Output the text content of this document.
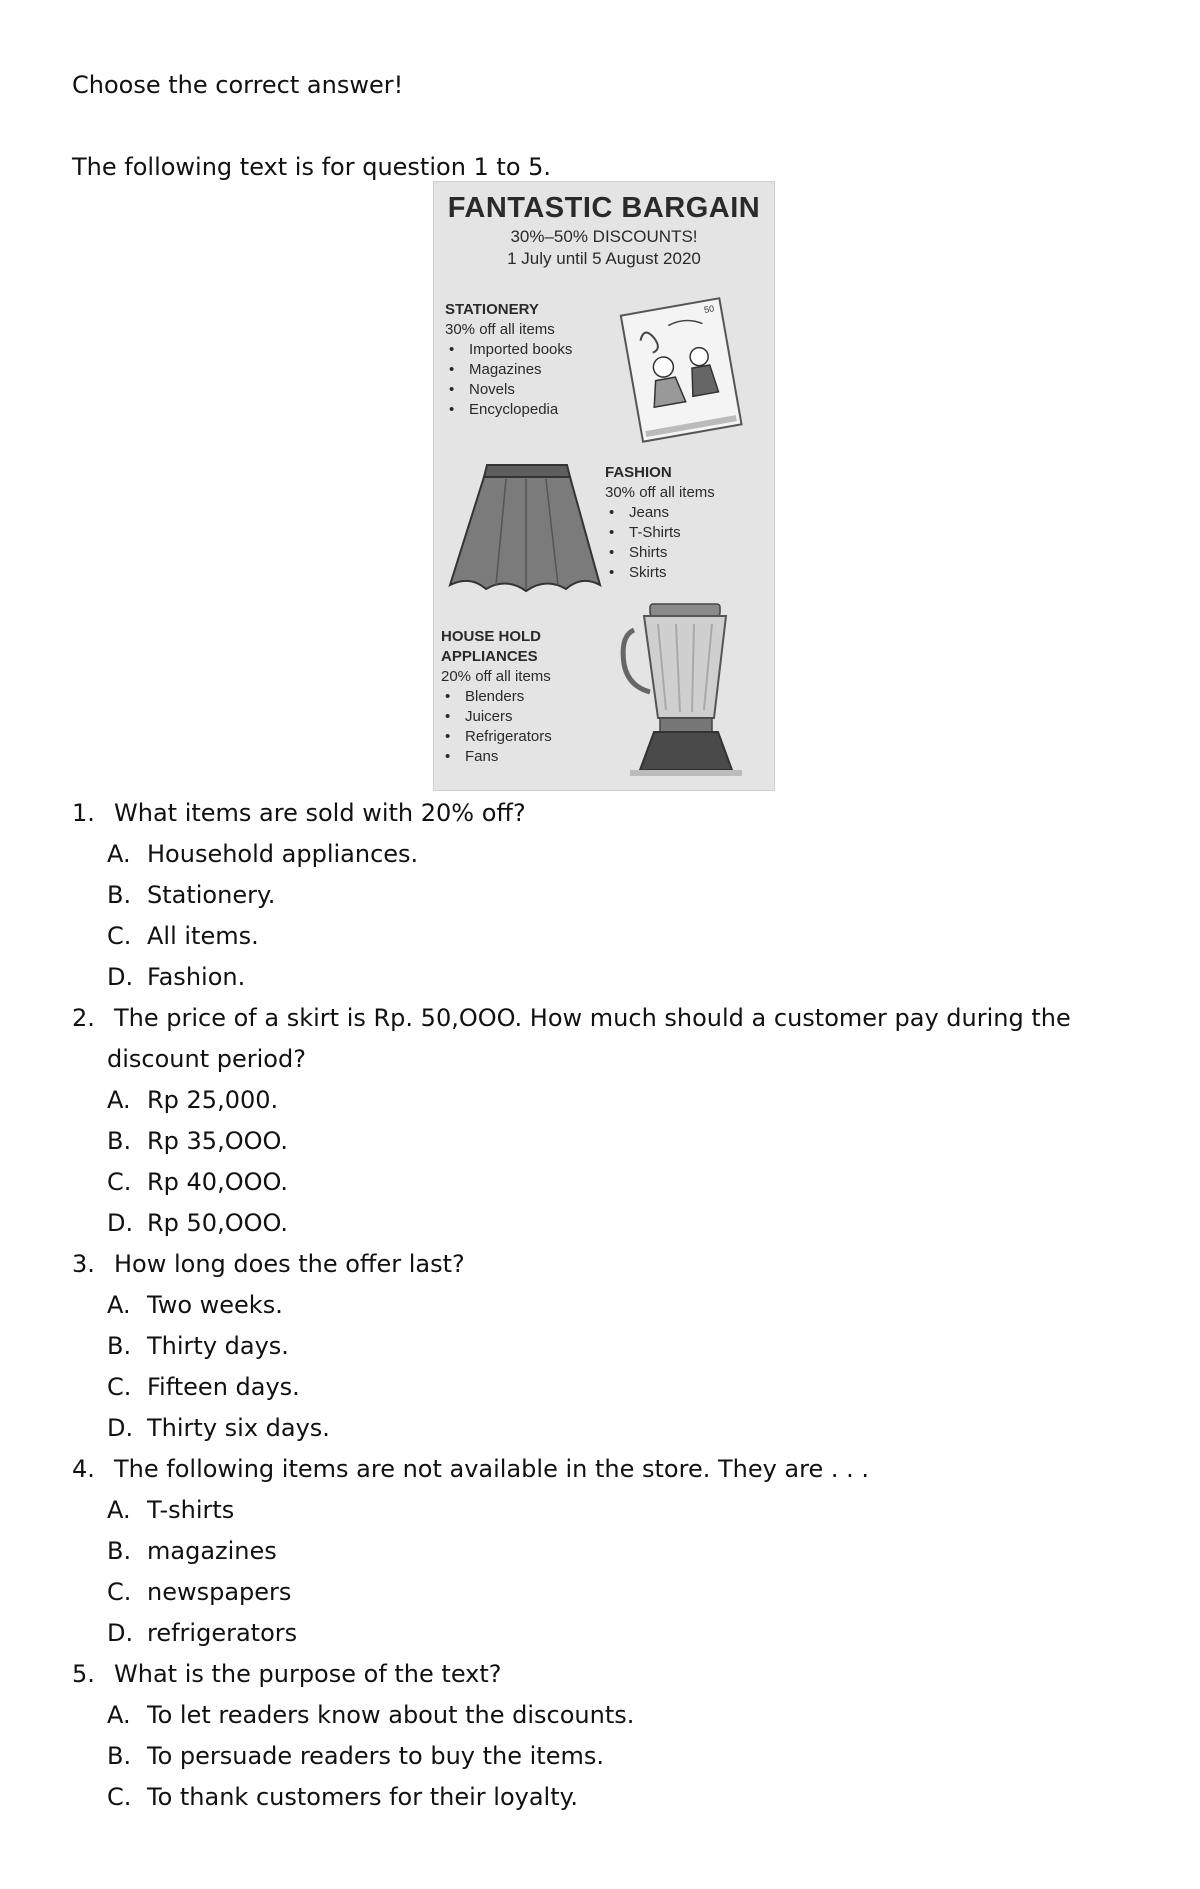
Choose the correct answer!
The following text is for question 1 to 5.
FANTASTIC BARGAIN
30%–50% DISCOUNTS!
1 July until 5 August 2020
STATIONERY
30% off all items
• Imported books
• Magazines
• Novels
• Encyclopedia
50
FASHION
30% off all items
• Jeans
• T-Shirts
• Shirts
• Skirts
HOUSE HOLD
APPLIANCES
20% off all items
• Blenders
• Juicers
• Refrigerators
• Fans
1. What items are sold with 20% off?
A. Household appliances.
B. Stationery.
C. All items.
D. Fashion.
2. The price of a skirt is Rp. 50,OOO. How much should a customer pay during the
discount period?
A. Rp 25,000.
B. Rp 35,OOO.
C. Rp 40,OOO.
D. Rp 50,OOO.
3. How long does the offer last?
A. Two weeks.
B. Thirty days.
C. Fifteen days.
D. Thirty six days.
4. The following items are not available in the store. They are . . .
A. T-shirts
B. magazines
C. newspapers
D. refrigerators
5. What is the purpose of the text?
A. To let readers know about the discounts.
B. To persuade readers to buy the items.
C. To thank customers for their loyalty.
